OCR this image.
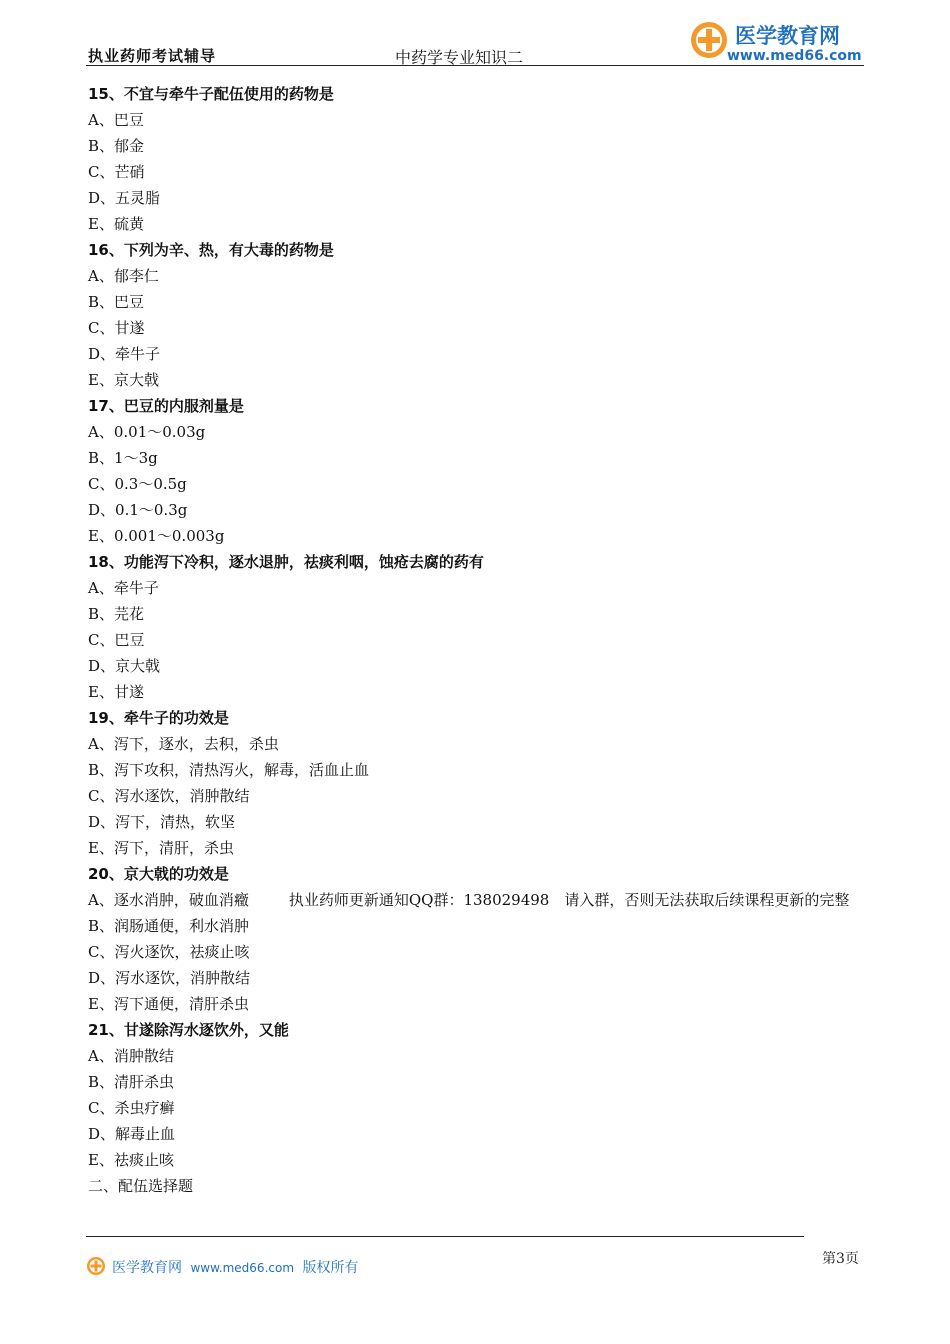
执业药师考试辅导	中药学专业知识二
医学教育网
www.med66.com
15、不宜与牵牛子配伍使用的药物是
A、巴豆
B、郁金
C、芒硝
D、五灵脂
E、硫黄
16、下列为辛、热，有大毒的药物是
A、郁李仁
B、巴豆
C、甘遂
D、牵牛子
E、京大戟
17、巴豆的内服剂量是
A、0.01～0.03g
B、1～3g
C、0.3～0.5g
D、0.1～0.3g
E、0.001～0.003g
18、功能泻下冷积，逐水退肿，祛痰利咽，蚀疮去腐的药有
A、牵牛子
B、芫花
C、巴豆
D、京大戟
E、甘遂
19、牵牛子的功效是
A、泻下，逐水，去积，杀虫
B、泻下攻积，清热泻火，解毒，活血止血
C、泻水逐饮，消肿散结
D、泻下，清热，软坚
E、泻下，清肝，杀虫
20、京大戟的功效是
A、逐水消肿，破血消癥	执业药师更新通知QQ群：138029498　请入群，否则无法获取后续课程更新的完整
B、润肠通便，利水消肿
C、泻火逐饮，祛痰止咳
D、泻水逐饮，消肿散结
E、泻下通便，清肝杀虫
21、甘遂除泻水逐饮外，又能
A、消肿散结
B、清肝杀虫
C、杀虫疗癣
D、解毒止血
E、祛痰止咳
二、配伍选择题
医学教育网 www.med66.com 版权所有
第3页
